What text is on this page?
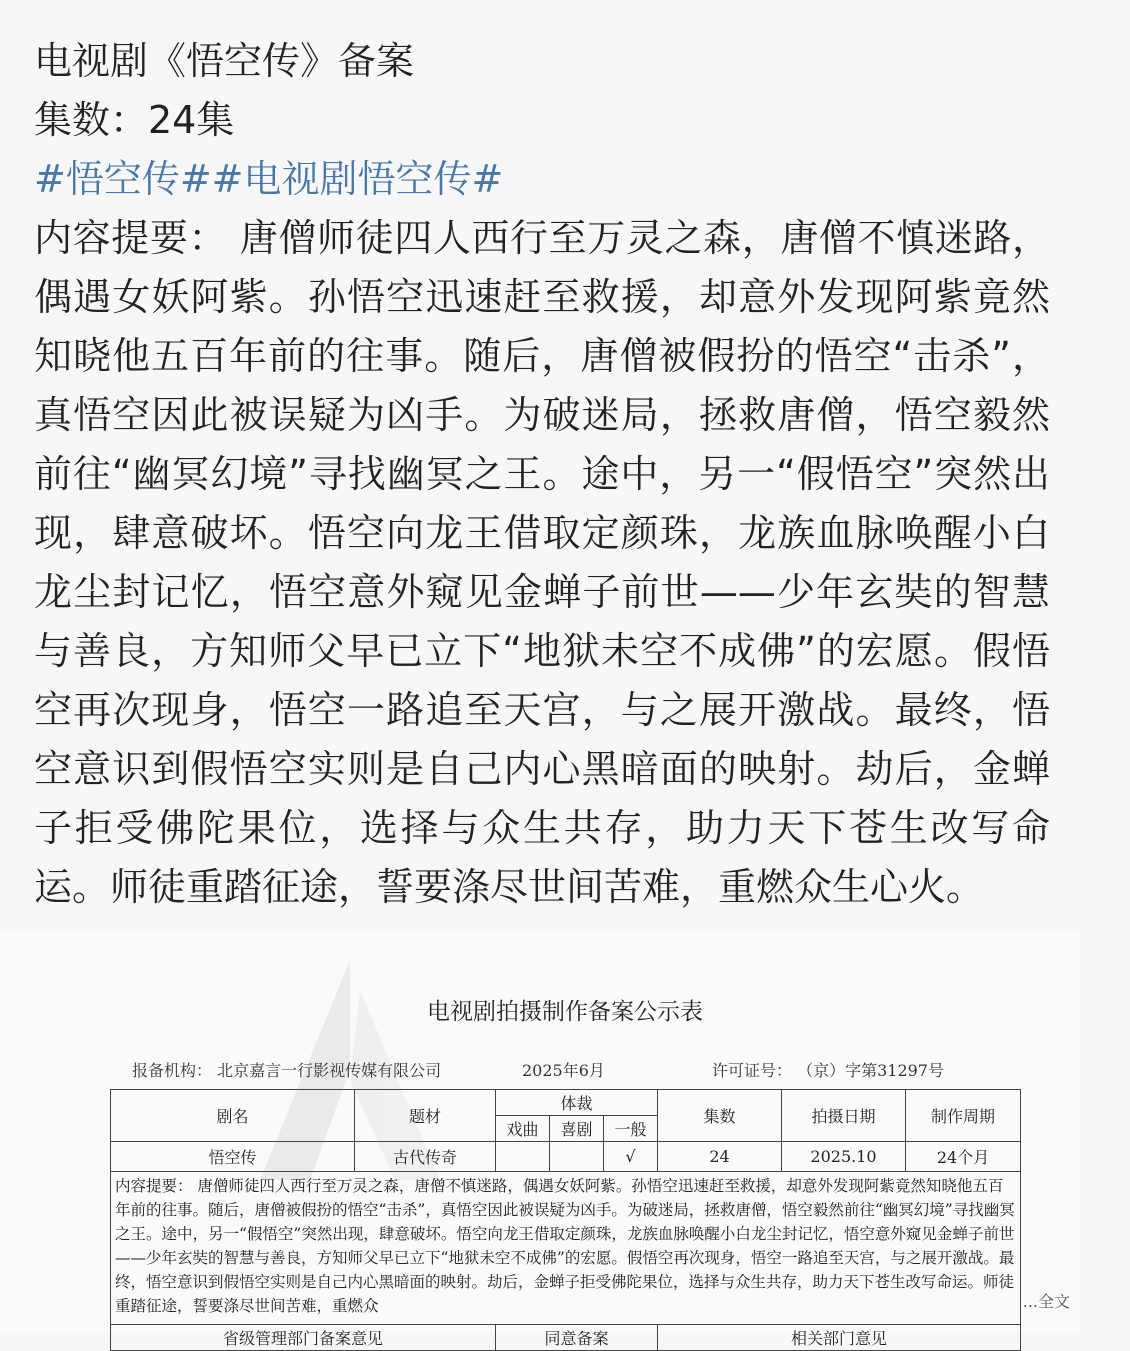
电视剧《悟空传》备案

集数：24集

#悟空传##电视剧悟空传#

内容提要： 唐僧师徒四人西行至万灵之森，唐僧不慎迷路，偶遇女妖阿紫。孙悟空迅速赶至救援，却意外发现阿紫竟然知晓他五百年前的往事。随后，唐僧被假扮的悟空“击杀”，真悟空因此被误疑为凶手。为破迷局，拯救唐僧，悟空毅然前往“幽冥幻境”寻找幽冥之王。途中，另一“假悟空”突然出现，肆意破坏。悟空向龙王借取定颜珠，龙族血脉唤醒小白龙尘封记忆，悟空意外窥见金蝉子前世——少年玄奘的智慧与善良，方知师父早已立下“地狱未空不成佛”的宏愿。假悟空再次现身，悟空一路追至天宫，与之展开激战。最终，悟空意识到假悟空实则是自己内心黑暗面的映射。劫后，金蝉子拒受佛陀果位，选择与众生共存，助力天下苍生改写命运。师徒重踏征途，誓要涤尽世间苦难，重燃众生心火。

电视剧拍摄制作备案公示表
报备机构： 北京嘉言一行影视传媒有限公司	2025年6月	许可证号： （京）字第31297号
剧名	题材	体裁			集数	拍摄日期	制作周期
		戏曲	喜剧	一般			
悟空传	古代传奇			√	24	2025.10	24个月
内容提要： 唐僧师徒四人西行至万灵之森，唐僧不慎迷路，偶遇女妖阿紫。孙悟空迅速赶至救援，却意外发现阿紫竟然知晓他五百年前的往事。随后，唐僧被假扮的悟空“击杀”，真悟空因此被误疑为凶手。为破迷局，拯救唐僧，悟空毅然前往“幽冥幻境”寻找幽冥之王。途中，另一“假悟空”突然出现，肆意破坏。悟空向龙王借取定颜珠，龙族血脉唤醒小白龙尘封记忆，悟空意外窥见金蝉子前世——少年玄奘的智慧与善良，方知师父早已立下“地狱未空不成佛”的宏愿。假悟空再次现身，悟空一路追至天宫，与之展开激战。最终，悟空意识到假悟空实则是自己内心黑暗面的映射。劫后，金蝉子拒受佛陀果位，选择与众生共存，助力天下苍生改写命运。师徒重踏征途，誓要涤尽世间苦难，重燃众							
省级管理部门备案意见		同意备案			相关部门意见		
...全文
